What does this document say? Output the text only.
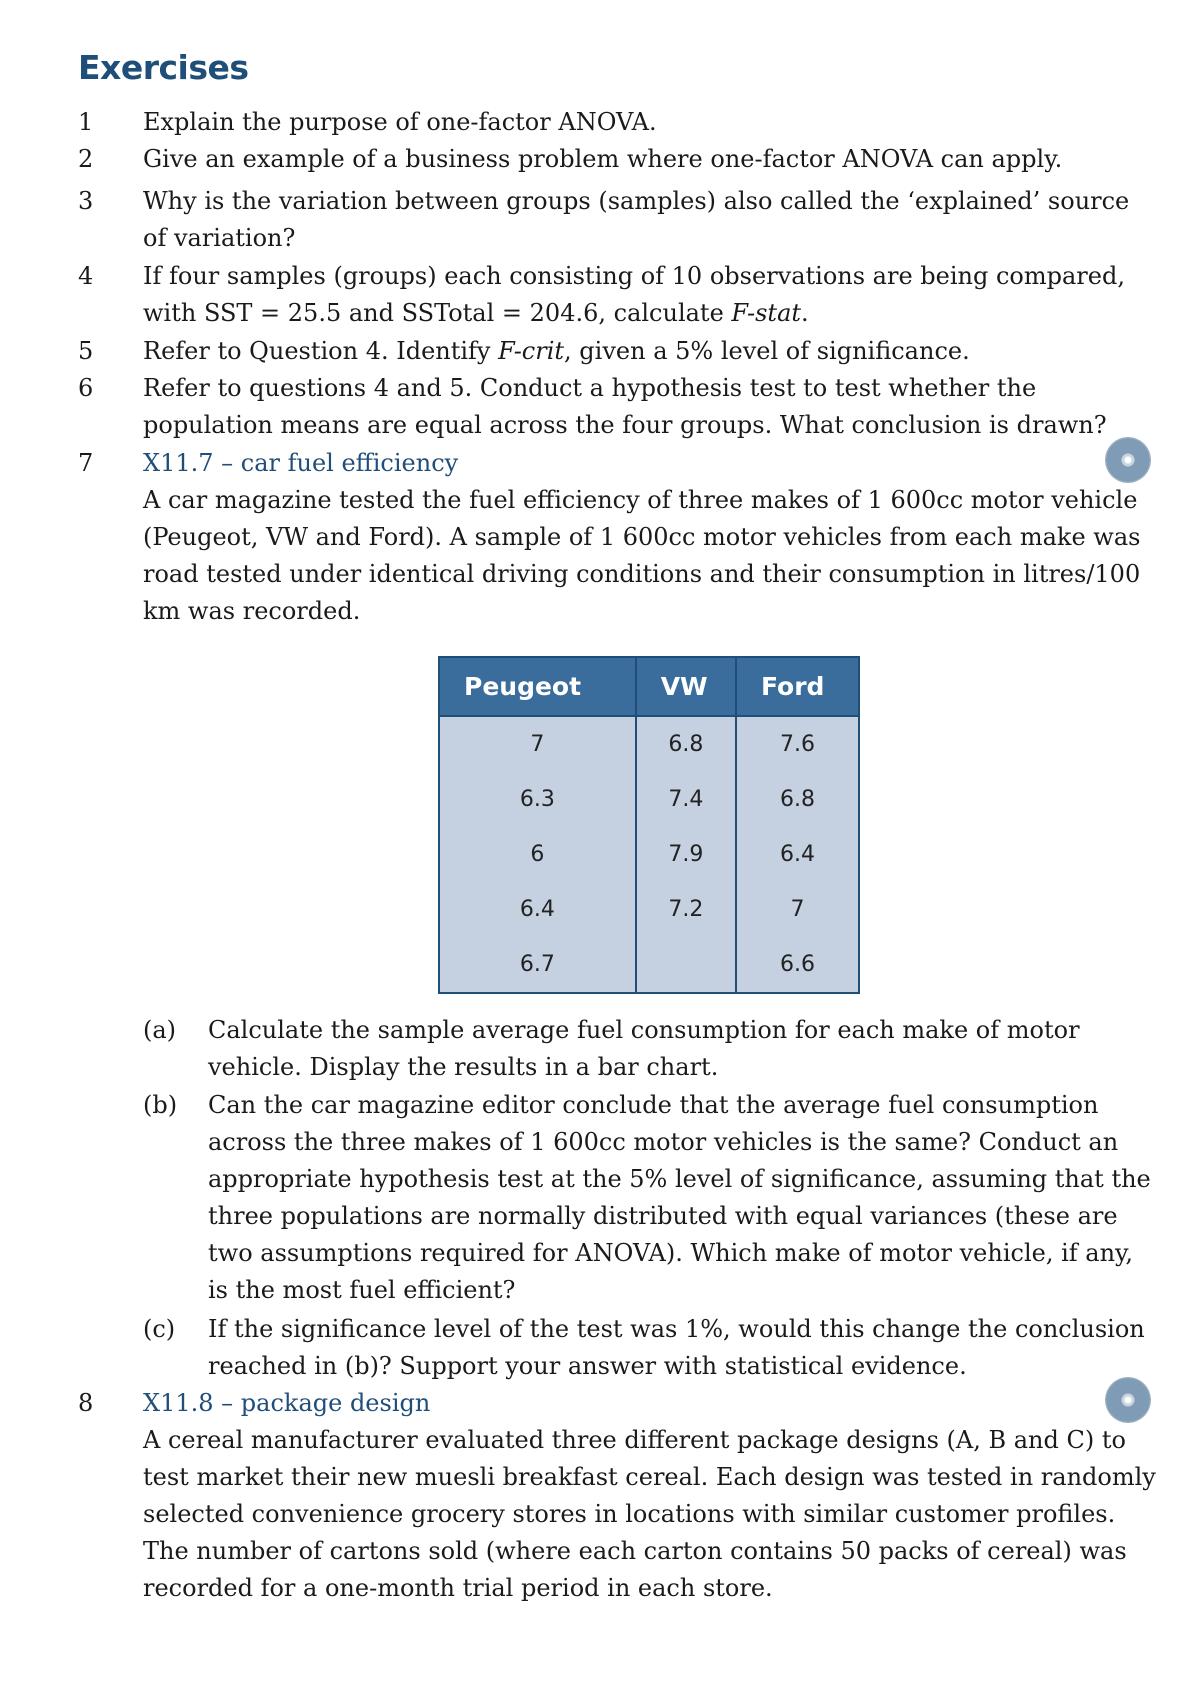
Exercises
1 Explain the purpose of one-factor ANOVA.
2 Give an example of a business problem where one-factor ANOVA can apply.
3 Why is the variation between groups (samples) also called the ‘explained’ source of variation?
4 If four samples (groups) each consisting of 10 observations are being compared, with SST = 25.5 and SSTotal = 204.6, calculate F-stat.
5 Refer to Question 4. Identify F-crit, given a 5% level of significance.
6 Refer to questions 4 and 5. Conduct a hypothesis test to test whether the population means are equal across the four groups. What conclusion is drawn?
7 X11.7 – car fuel efficiency
A car magazine tested the fuel efficiency of three makes of 1 600cc motor vehicle (Peugeot, VW and Ford). A sample of 1 600cc motor vehicles from each make was road tested under identical driving conditions and their consumption in litres/100 km was recorded.
Peugeot	VW	Ford
7	6.8	7.6
6.3	7.4	6.8
6	7.9	6.4
6.4	7.2	7
6.7		6.6
(a) Calculate the sample average fuel consumption for each make of motor vehicle. Display the results in a bar chart.
(b) Can the car magazine editor conclude that the average fuel consumption across the three makes of 1 600cc motor vehicles is the same? Conduct an appropriate hypothesis test at the 5% level of significance, assuming that the three populations are normally distributed with equal variances (these are two assumptions required for ANOVA). Which make of motor vehicle, if any, is the most fuel efficient?
(c) If the significance level of the test was 1%, would this change the conclusion reached in (b)? Support your answer with statistical evidence.
8 X11.8 – package design
A cereal manufacturer evaluated three different package designs (A, B and C) to test market their new muesli breakfast cereal. Each design was tested in randomly selected convenience grocery stores in locations with similar customer profiles. The number of cartons sold (where each carton contains 50 packs of cereal) was recorded for a one-month trial period in each store.
